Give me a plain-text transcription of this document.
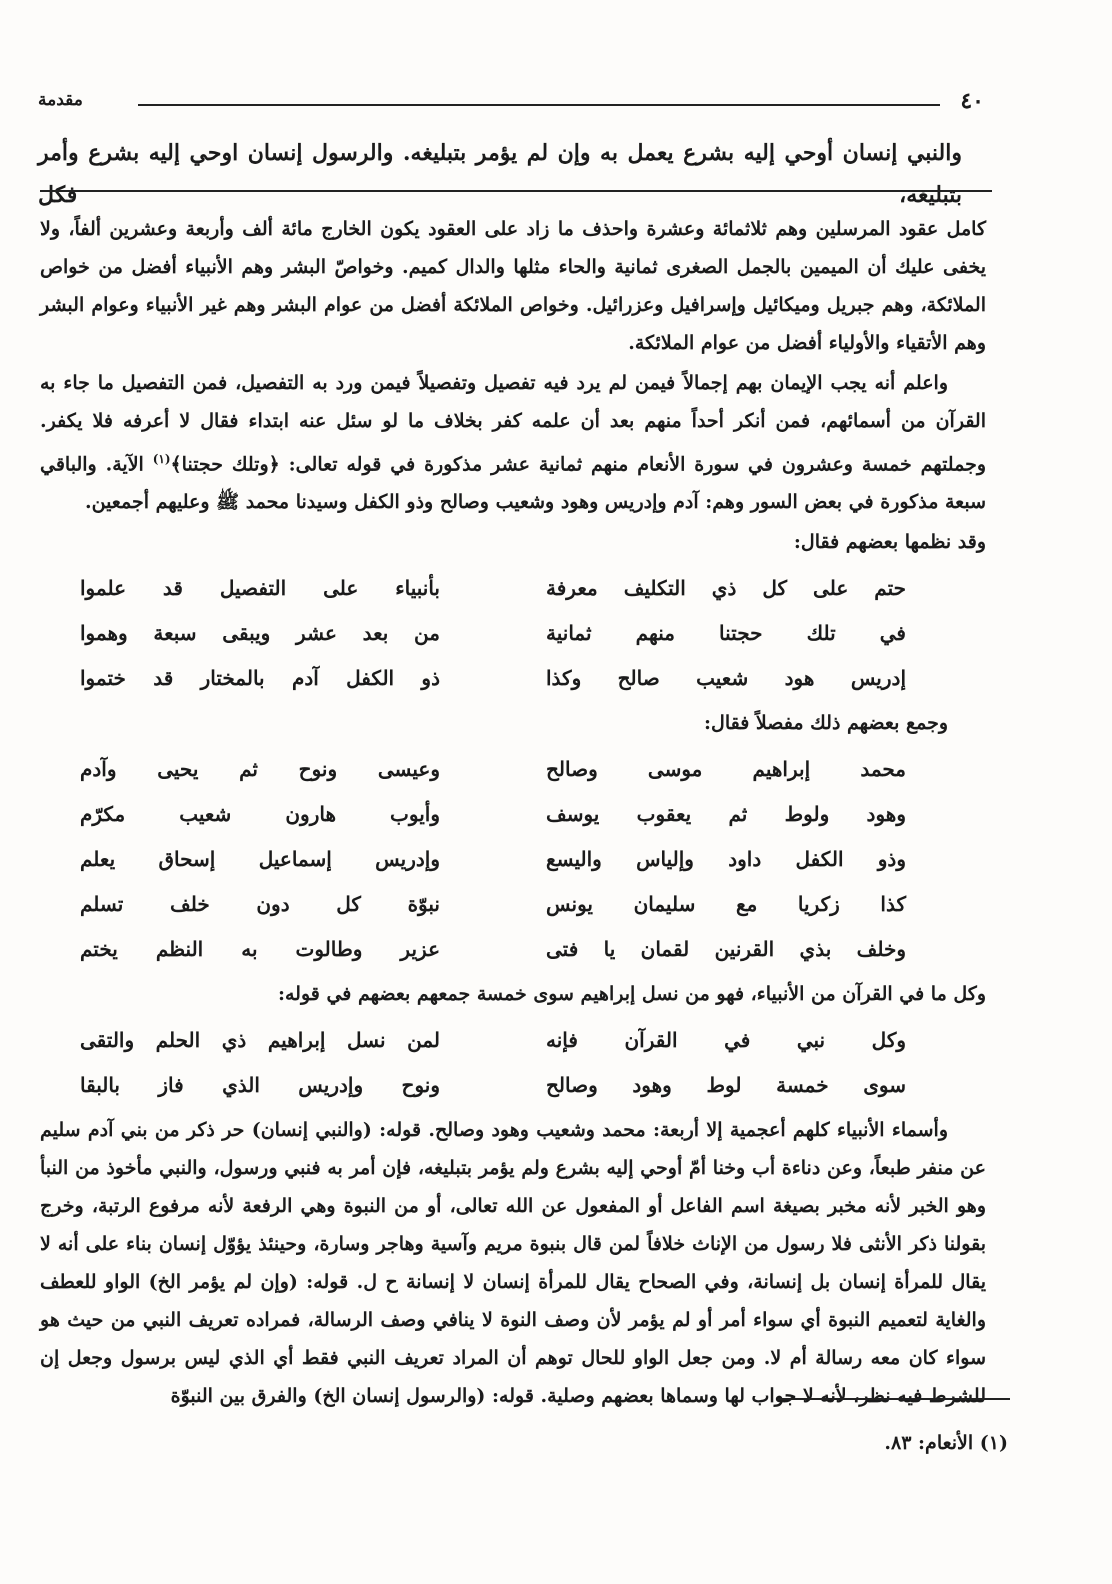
٤٠
مقدمة
والنبي إنسان أوحي إليه بشرع يعمل به وإن لم يؤمر بتبليغه. والرسول إنسان اوحي إليه بشرع وأمر بتبليغه، فكل

كامل عقود المرسلين وهم ثلاثمائة وعشرة واحذف ما زاد على العقود يكون الخارج مائة ألف وأربعة وعشرين ألفاً، ولا يخفى عليك أن الميمين بالجمل الصغرى ثمانية والحاء مثلها والدال كميم. وخواصّ البشر وهم الأنبياء أفضل من خواص الملائكة، وهم جبريل وميكائيل وإسرافيل وعزرائيل. وخواص الملائكة أفضل من عوام البشر وهم غير الأنبياء وعوام البشر وهم الأتقياء والأولياء أفضل من عوام الملائكة.

واعلم أنه يجب الإيمان بهم إجمالاً فيمن لم يرد فيه تفصيل وتفصيلاً فيمن ورد به التفصيل، فمن التفصيل ما جاء به القرآن من أسمائهم، فمن أنكر أحداً منهم بعد أن علمه كفر بخلاف ما لو سئل عنه ابتداء فقال لا أعرفه فلا يكفر. وجملتهم خمسة وعشرون في سورة الأنعام منهم ثمانية عشر مذكورة في قوله تعالى: ﴿وتلك حجتنا﴾$^{(١)}$ الآية. والباقي سبعة مذكورة في بعض السور وهم: آدم وإدريس وهود وشعيب وصالح وذو الكفل وسيدنا محمد ﷺ وعليهم أجمعين.

وقد نظمها بعضهم فقال:

حتم على كل ذي التكليف معرفة
بأنبياء على التفصيل قد علموا
في تلك حجتنا منهم ثمانية
من بعد عشر ويبقى سبعة وهموا
إدريس هود شعيب صالح وكذا
ذو الكفل آدم بالمختار قد ختموا

وجمع بعضهم ذلك مفصلاً فقال:

محمد إبراهيم موسى وصالح
وعيسى ونوح ثم يحيى وآدم
وهود ولوط ثم يعقوب يوسف
وأيوب هارون شعيب مكرّم
وذو الكفل داود وإلياس واليسع
وإدريس إسماعيل إسحاق يعلم
كذا زكريا مع سليمان يونس
نبوّة كل دون خلف تسلم
وخلف بذي القرنين لقمان يا فتى
عزير وطالوت به النظم يختم

وكل ما في القرآن من الأنبياء، فهو من نسل إبراهيم سوى خمسة جمعهم بعضهم في قوله:

وكل نبي في القرآن فإنه
لمن نسل إبراهيم ذي الحلم والتقى
سوى خمسة لوط وهود وصالح
ونوح وإدريس الذي فاز بالبقا

وأسماء الأنبياء كلهم أعجمية إلا أربعة: محمد وشعيب وهود وصالح. قوله: (والنبي إنسان) حر ذكر من بني آدم سليم عن منفر طبعاً، وعن دناءة أب وخنا أمّ أوحي إليه بشرع ولم يؤمر بتبليغه، فإن أمر به فنبي ورسول، والنبي مأخوذ من النبأ وهو الخبر لأنه مخبر بصيغة اسم الفاعل أو المفعول عن الله تعالى، أو من النبوة وهي الرفعة لأنه مرفوع الرتبة، وخرج بقولنا ذكر الأنثى فلا رسول من الإناث خلافاً لمن قال بنبوة مريم وآسية وهاجر وسارة، وحينئذ يؤوّل إنسان بناء على أنه لا يقال للمرأة إنسان بل إنسانة، وفي الصحاح يقال للمرأة إنسان لا إنسانة ح ل. قوله: (وإن لم يؤمر الخ) الواو للعطف والغاية لتعميم النبوة أي سواء أمر أو لم يؤمر لأن وصف النوة لا ينافي وصف الرسالة، فمراده تعريف النبي من حيث هو سواء كان معه رسالة أم لا. ومن جعل الواو للحال توهم أن المراد تعريف النبي فقط أي الذي ليس برسول وجعل إن للشرط فيه نظر، لأنه لا جواب لها وسماها بعضهم وصلية. قوله: (والرسول إنسان الخ) والفرق بين النبوّة

(١) الأنعام: ٨٣.
